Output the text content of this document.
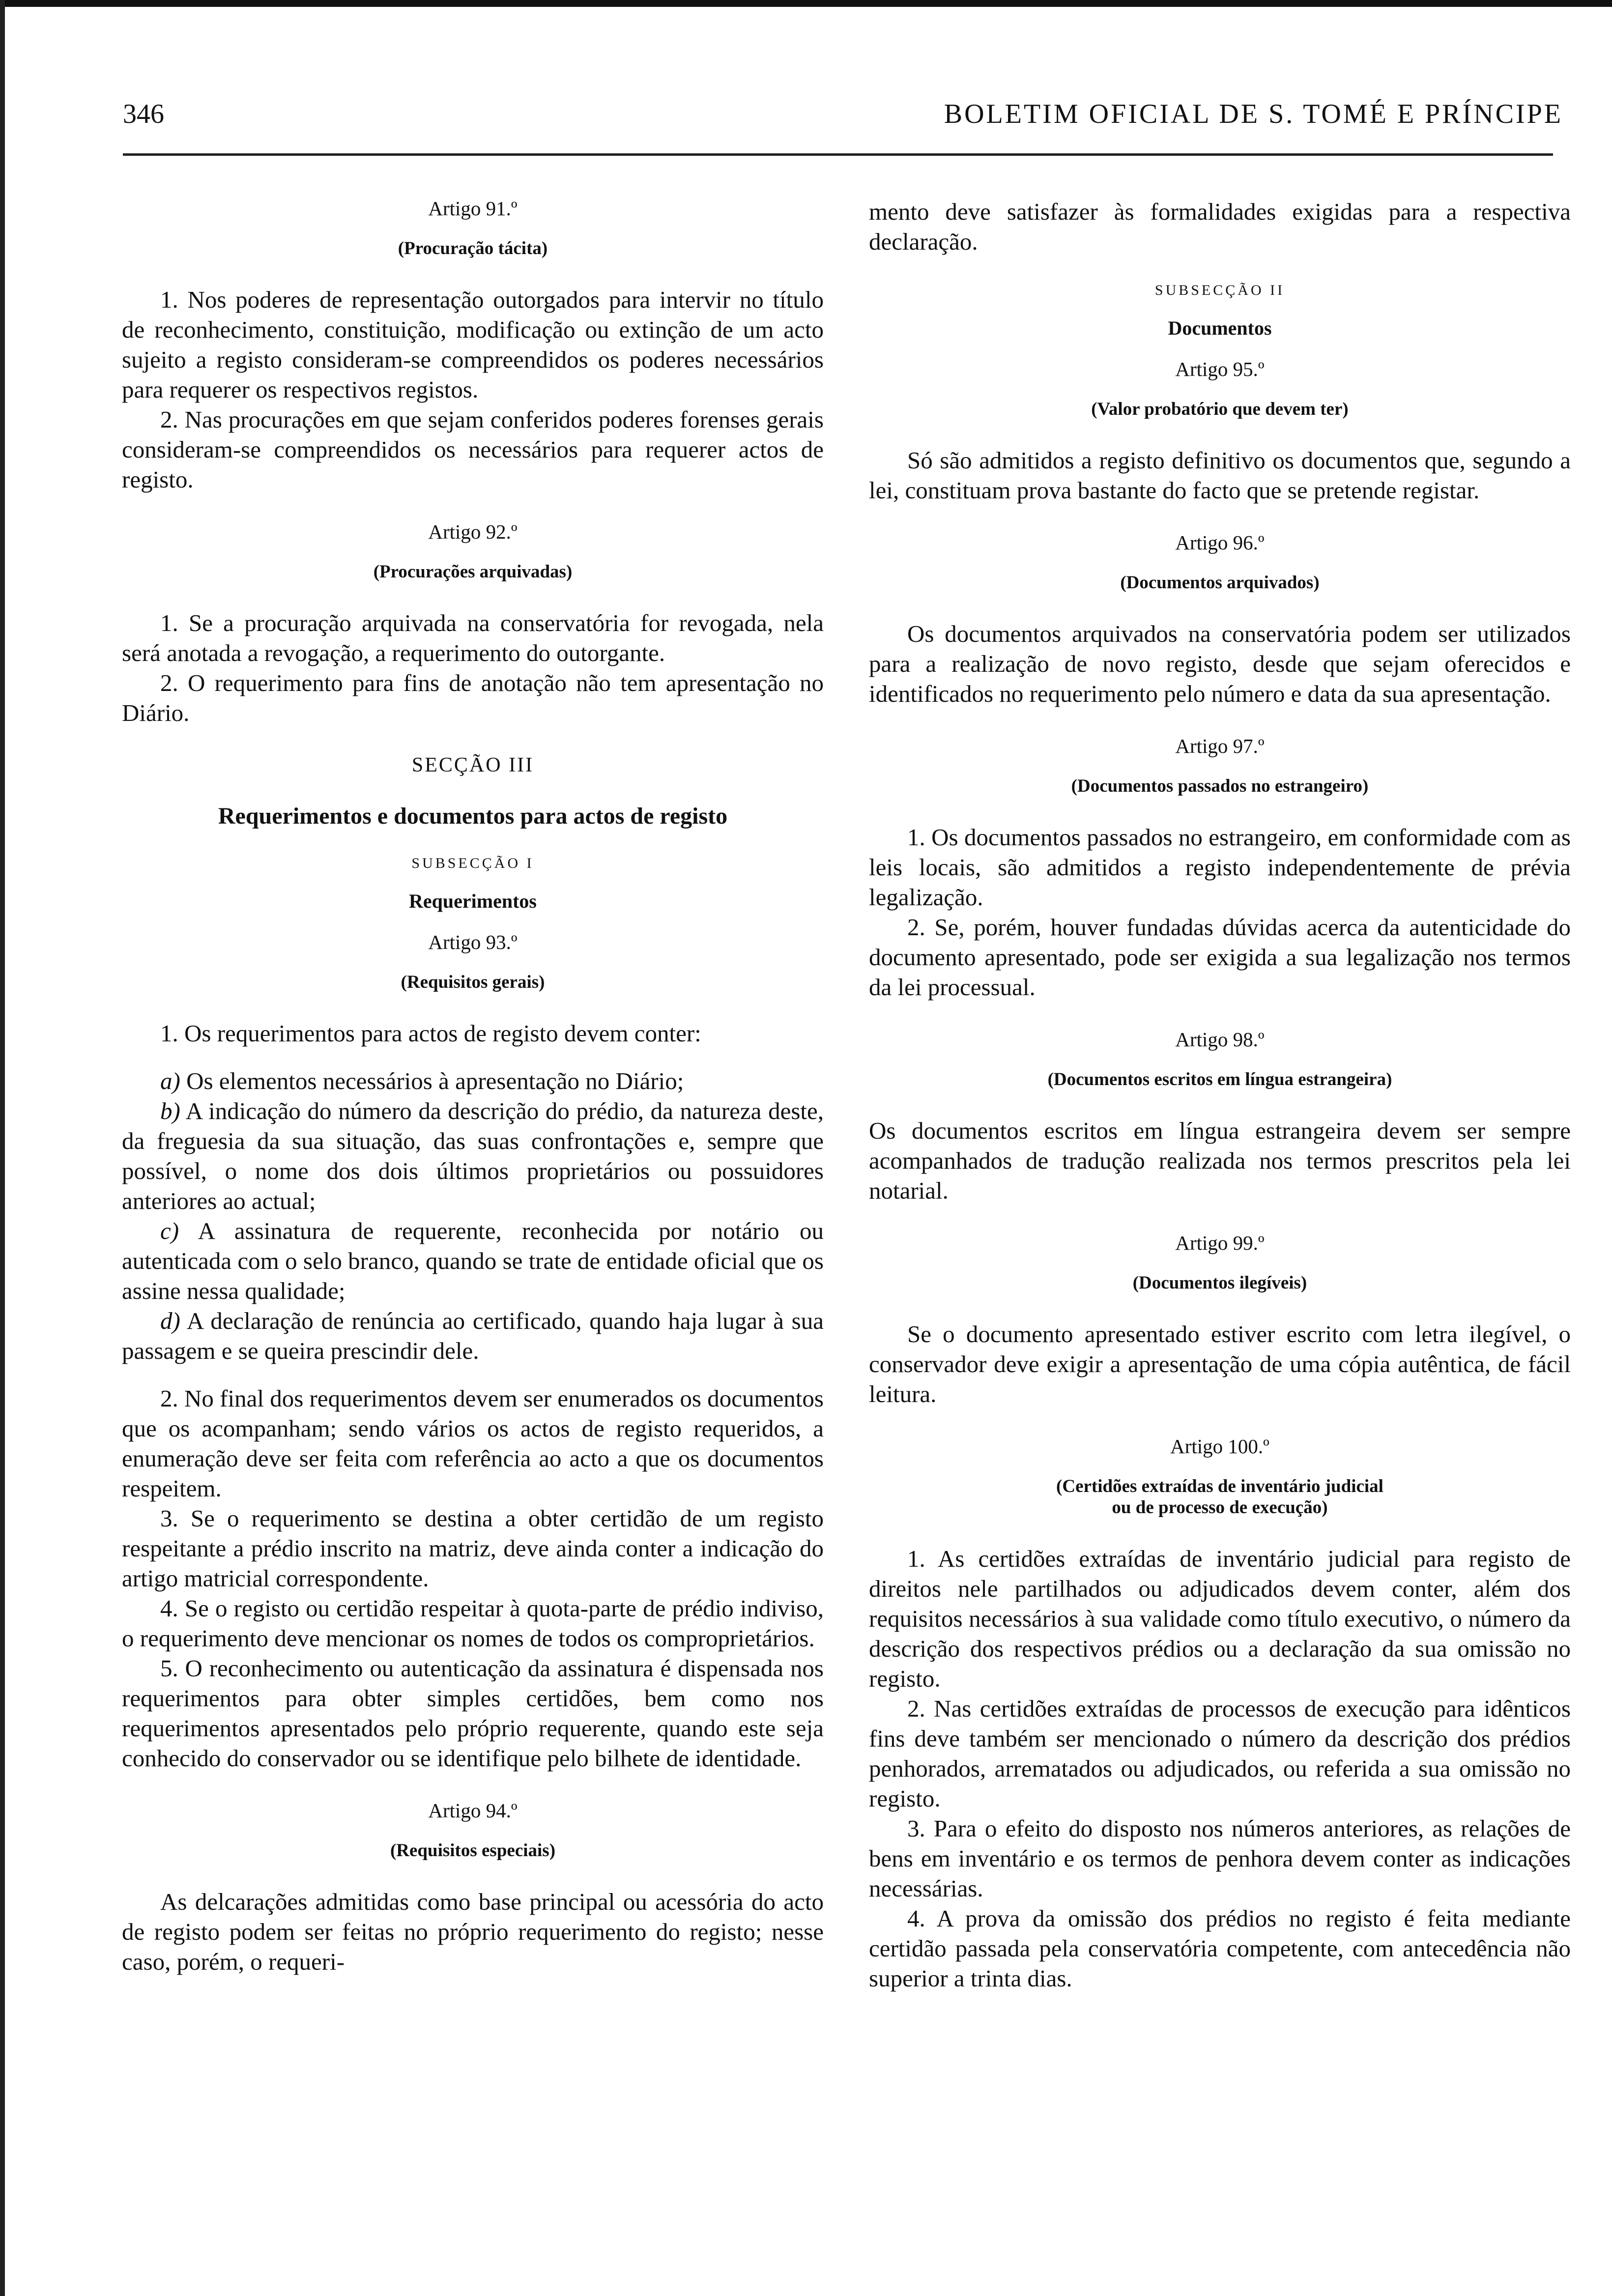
346	BOLETIM OFICIAL DE S. TOMÉ E PRÍNCIPE

Artigo 91.º

(Procuração tácita)

1. Nos poderes de representação outorgados para intervir no título de reconhecimento, constituição, modificação ou extinção de um acto sujeito a registo consideram-se compreendidos os poderes necessários para requerer os respectivos registos.

2. Nas procurações em que sejam conferidos poderes forenses gerais consideram-se compreendidos os necessários para requerer actos de registo.

Artigo 92.º

(Procurações arquivadas)

1. Se a procuração arquivada na conservatória for revogada, nela será anotada a revogação, a requerimento do outorgante.

2. O requerimento para fins de anotação não tem apresentação no Diário.

SECÇÃO III

Requerimentos e documentos para actos de registo

SUBSECÇÃO I

Requerimentos

Artigo 93.º

(Requisitos gerais)

1. Os requerimentos para actos de registo devem conter:

a) Os elementos necessários à apresentação no Diário;

b) A indicação do número da descrição do prédio, da natureza deste, da freguesia da sua situação, das suas confrontações e, sempre que possível, o nome dos dois últimos proprietários ou possuidores anteriores ao actual;

c) A assinatura de requerente, reconhecida por notário ou autenticada com o selo branco, quando se trate de entidade oficial que os assine nessa qualidade;

d) A declaração de renúncia ao certificado, quando haja lugar à sua passagem e se queira prescindir dele.

2. No final dos requerimentos devem ser enumerados os documentos que os acompanham; sendo vários os actos de registo requeridos, a enumeração deve ser feita com referência ao acto a que os documentos respeitem.

3. Se o requerimento se destina a obter certidão de um registo respeitante a prédio inscrito na matriz, deve ainda conter a indicação do artigo matricial correspondente.

4. Se o registo ou certidão respeitar à quota-parte de prédio indiviso, o requerimento deve mencionar os nomes de todos os comproprietários.

5. O reconhecimento ou autenticação da assinatura é dispensada nos requerimentos para obter simples certidões, bem como nos requerimentos apresentados pelo próprio requerente, quando este seja conhecido do conservador ou se identifique pelo bilhete de identidade.

Artigo 94.º

(Requisitos especiais)

As delcarações admitidas como base principal ou acessória do acto de registo podem ser feitas no próprio requerimento do registo; nesse caso, porém, o requeri-

mento deve satisfazer às formalidades exigidas para a respectiva declaração.

SUBSECÇÃO II

Documentos

Artigo 95.º

(Valor probatório que devem ter)

Só são admitidos a registo definitivo os documentos que, segundo a lei, constituam prova bastante do facto que se pretende registar.

Artigo 96.º

(Documentos arquivados)

Os documentos arquivados na conservatória podem ser utilizados para a realização de novo registo, desde que sejam oferecidos e identificados no requerimento pelo número e data da sua apresentação.

Artigo 97.º

(Documentos passados no estrangeiro)

1. Os documentos passados no estrangeiro, em conformidade com as leis locais, são admitidos a registo independentemente de prévia legalização.

2. Se, porém, houver fundadas dúvidas acerca da autenticidade do documento apresentado, pode ser exigida a sua legalização nos termos da lei processual.

Artigo 98.º

(Documentos escritos em língua estrangeira)

Os documentos escritos em língua estrangeira devem ser sempre acompanhados de tradução realizada nos termos prescritos pela lei notarial.

Artigo 99.º

(Documentos ilegíveis)

Se o documento apresentado estiver escrito com letra ilegível, o conservador deve exigir a apresentação de uma cópia autêntica, de fácil leitura.

Artigo 100.º

(Certidões extraídas de inventário judicial

ou de processo de execução)

1. As certidões extraídas de inventário judicial para registo de direitos nele partilhados ou adjudicados devem conter, além dos requisitos necessários à sua validade como título executivo, o número da descrição dos respectivos prédios ou a declaração da sua omissão no registo.

2. Nas certidões extraídas de processos de execução para idênticos fins deve também ser mencionado o número da descrição dos prédios penhorados, arrematados ou adjudicados, ou referida a sua omissão no registo.

3. Para o efeito do disposto nos números anteriores, as relações de bens em inventário e os termos de penhora devem conter as indicações necessárias.

4. A prova da omissão dos prédios no registo é feita mediante certidão passada pela conservatória competente, com antecedência não superior a trinta dias.
